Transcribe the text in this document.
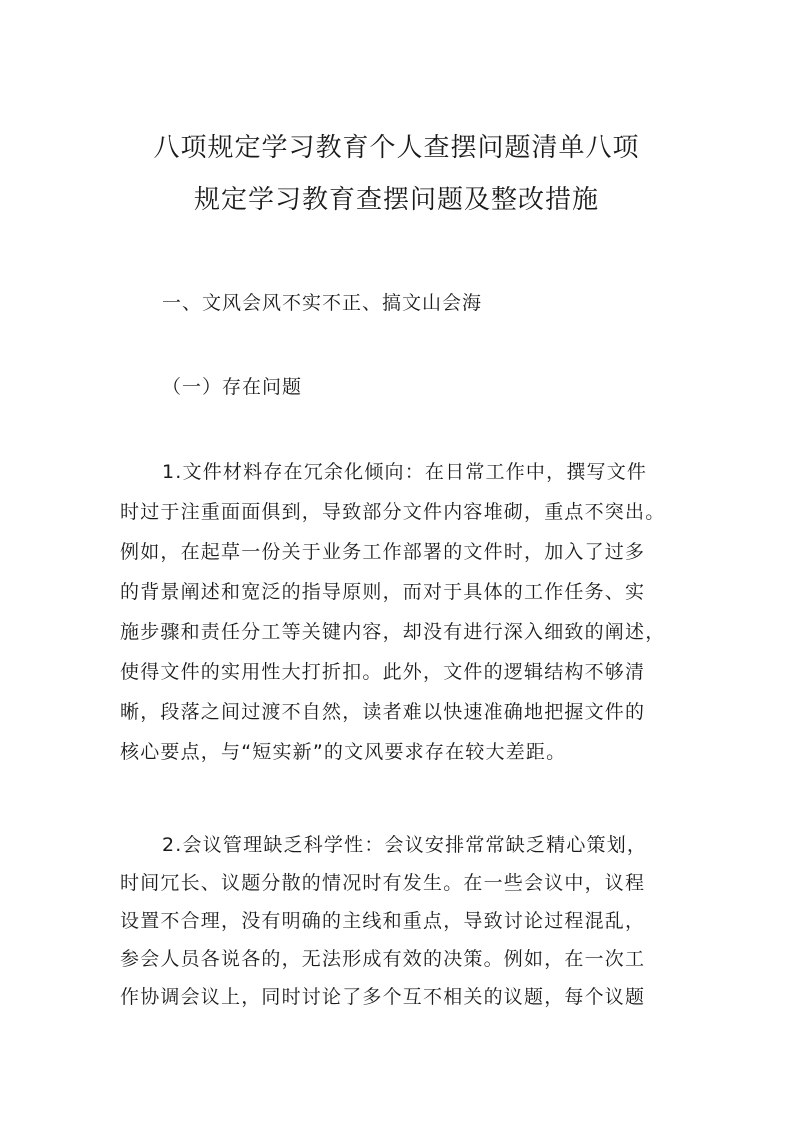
八项规定学习教育个人查摆问题清单八项
规定学习教育查摆问题及整改措施
一、文风会风不实不正、搞文山会海
（一）存在问题
1.文件材料存在冗余化倾向：在日常工作中，撰写文件
时过于注重面面俱到，导致部分文件内容堆砌，重点不突出。
例如，在起草一份关于业务工作部署的文件时，加入了过多
的背景阐述和宽泛的指导原则，而对于具体的工作任务、实
施步骤和责任分工等关键内容，却没有进行深入细致的阐述，
使得文件的实用性大打折扣。此外，文件的逻辑结构不够清
晰，段落之间过渡不自然，读者难以快速准确地把握文件的
核心要点，与“短实新”的文风要求存在较大差距。
2.会议管理缺乏科学性：会议安排常常缺乏精心策划，
时间冗长、议题分散的情况时有发生。在一些会议中，议程
设置不合理，没有明确的主线和重点，导致讨论过程混乱，
参会人员各说各的，无法形成有效的决策。例如，在一次工
作协调会议上，同时讨论了多个互不相关的议题，每个议题
